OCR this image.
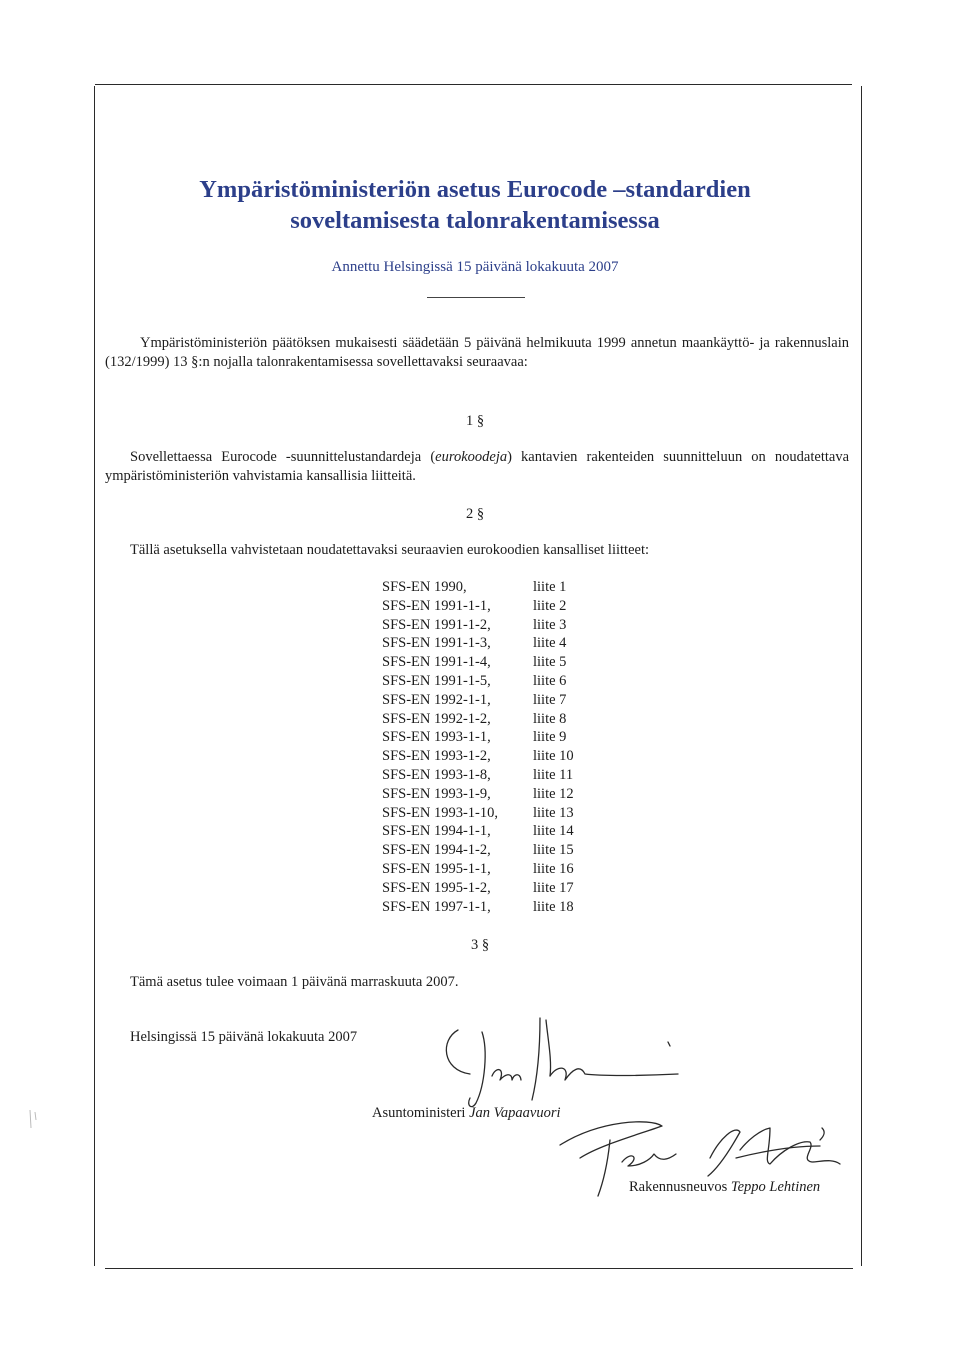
Ympäristöministeriön asetus Eurocode –standardien
soveltamisesta talonrakentamisessa
Annettu Helsingissä 15 päivänä lokakuuta 2007
Ympäristöministeriön päätöksen mukaisesti säädetään 5 päivänä helmikuuta 1999 annetun maankäyttö- ja rakennuslain (132/1999) 13 §:n nojalla talonrakentamisessa sovellettavaksi seuraavaa:
1 §
Sovellettaessa Eurocode -suunnittelustandardeja (eurokoodeja) kantavien rakenteiden suunnitteluun on noudatettava ympäristöministeriön vahvistamia kansallisia liitteitä.
2 §
Tällä asetuksella vahvistetaan noudatettavaksi seuraavien eurokoodien kansalliset liitteet:
SFS-EN 1990,	liite 1
SFS-EN 1991-1-1,	liite 2
SFS-EN 1991-1-2,	liite 3
SFS-EN 1991-1-3,	liite 4
SFS-EN 1991-1-4,	liite 5
SFS-EN 1991-1-5,	liite 6
SFS-EN 1992-1-1,	liite 7
SFS-EN 1992-1-2,	liite 8
SFS-EN 1993-1-1,	liite 9
SFS-EN 1993-1-2,	liite 10
SFS-EN 1993-1-8,	liite 11
SFS-EN 1993-1-9,	liite 12
SFS-EN 1993-1-10,	liite 13
SFS-EN 1994-1-1,	liite 14
SFS-EN 1994-1-2,	liite 15
SFS-EN 1995-1-1,	liite 16
SFS-EN 1995-1-2,	liite 17
SFS-EN 1997-1-1,	liite 18
3 §
Tämä asetus tulee voimaan 1 päivänä marraskuuta 2007.
Helsingissä 15 päivänä lokakuuta 2007
Asuntoministeri Jan Vapaavuori
Rakennusneuvos Teppo Lehtinen
